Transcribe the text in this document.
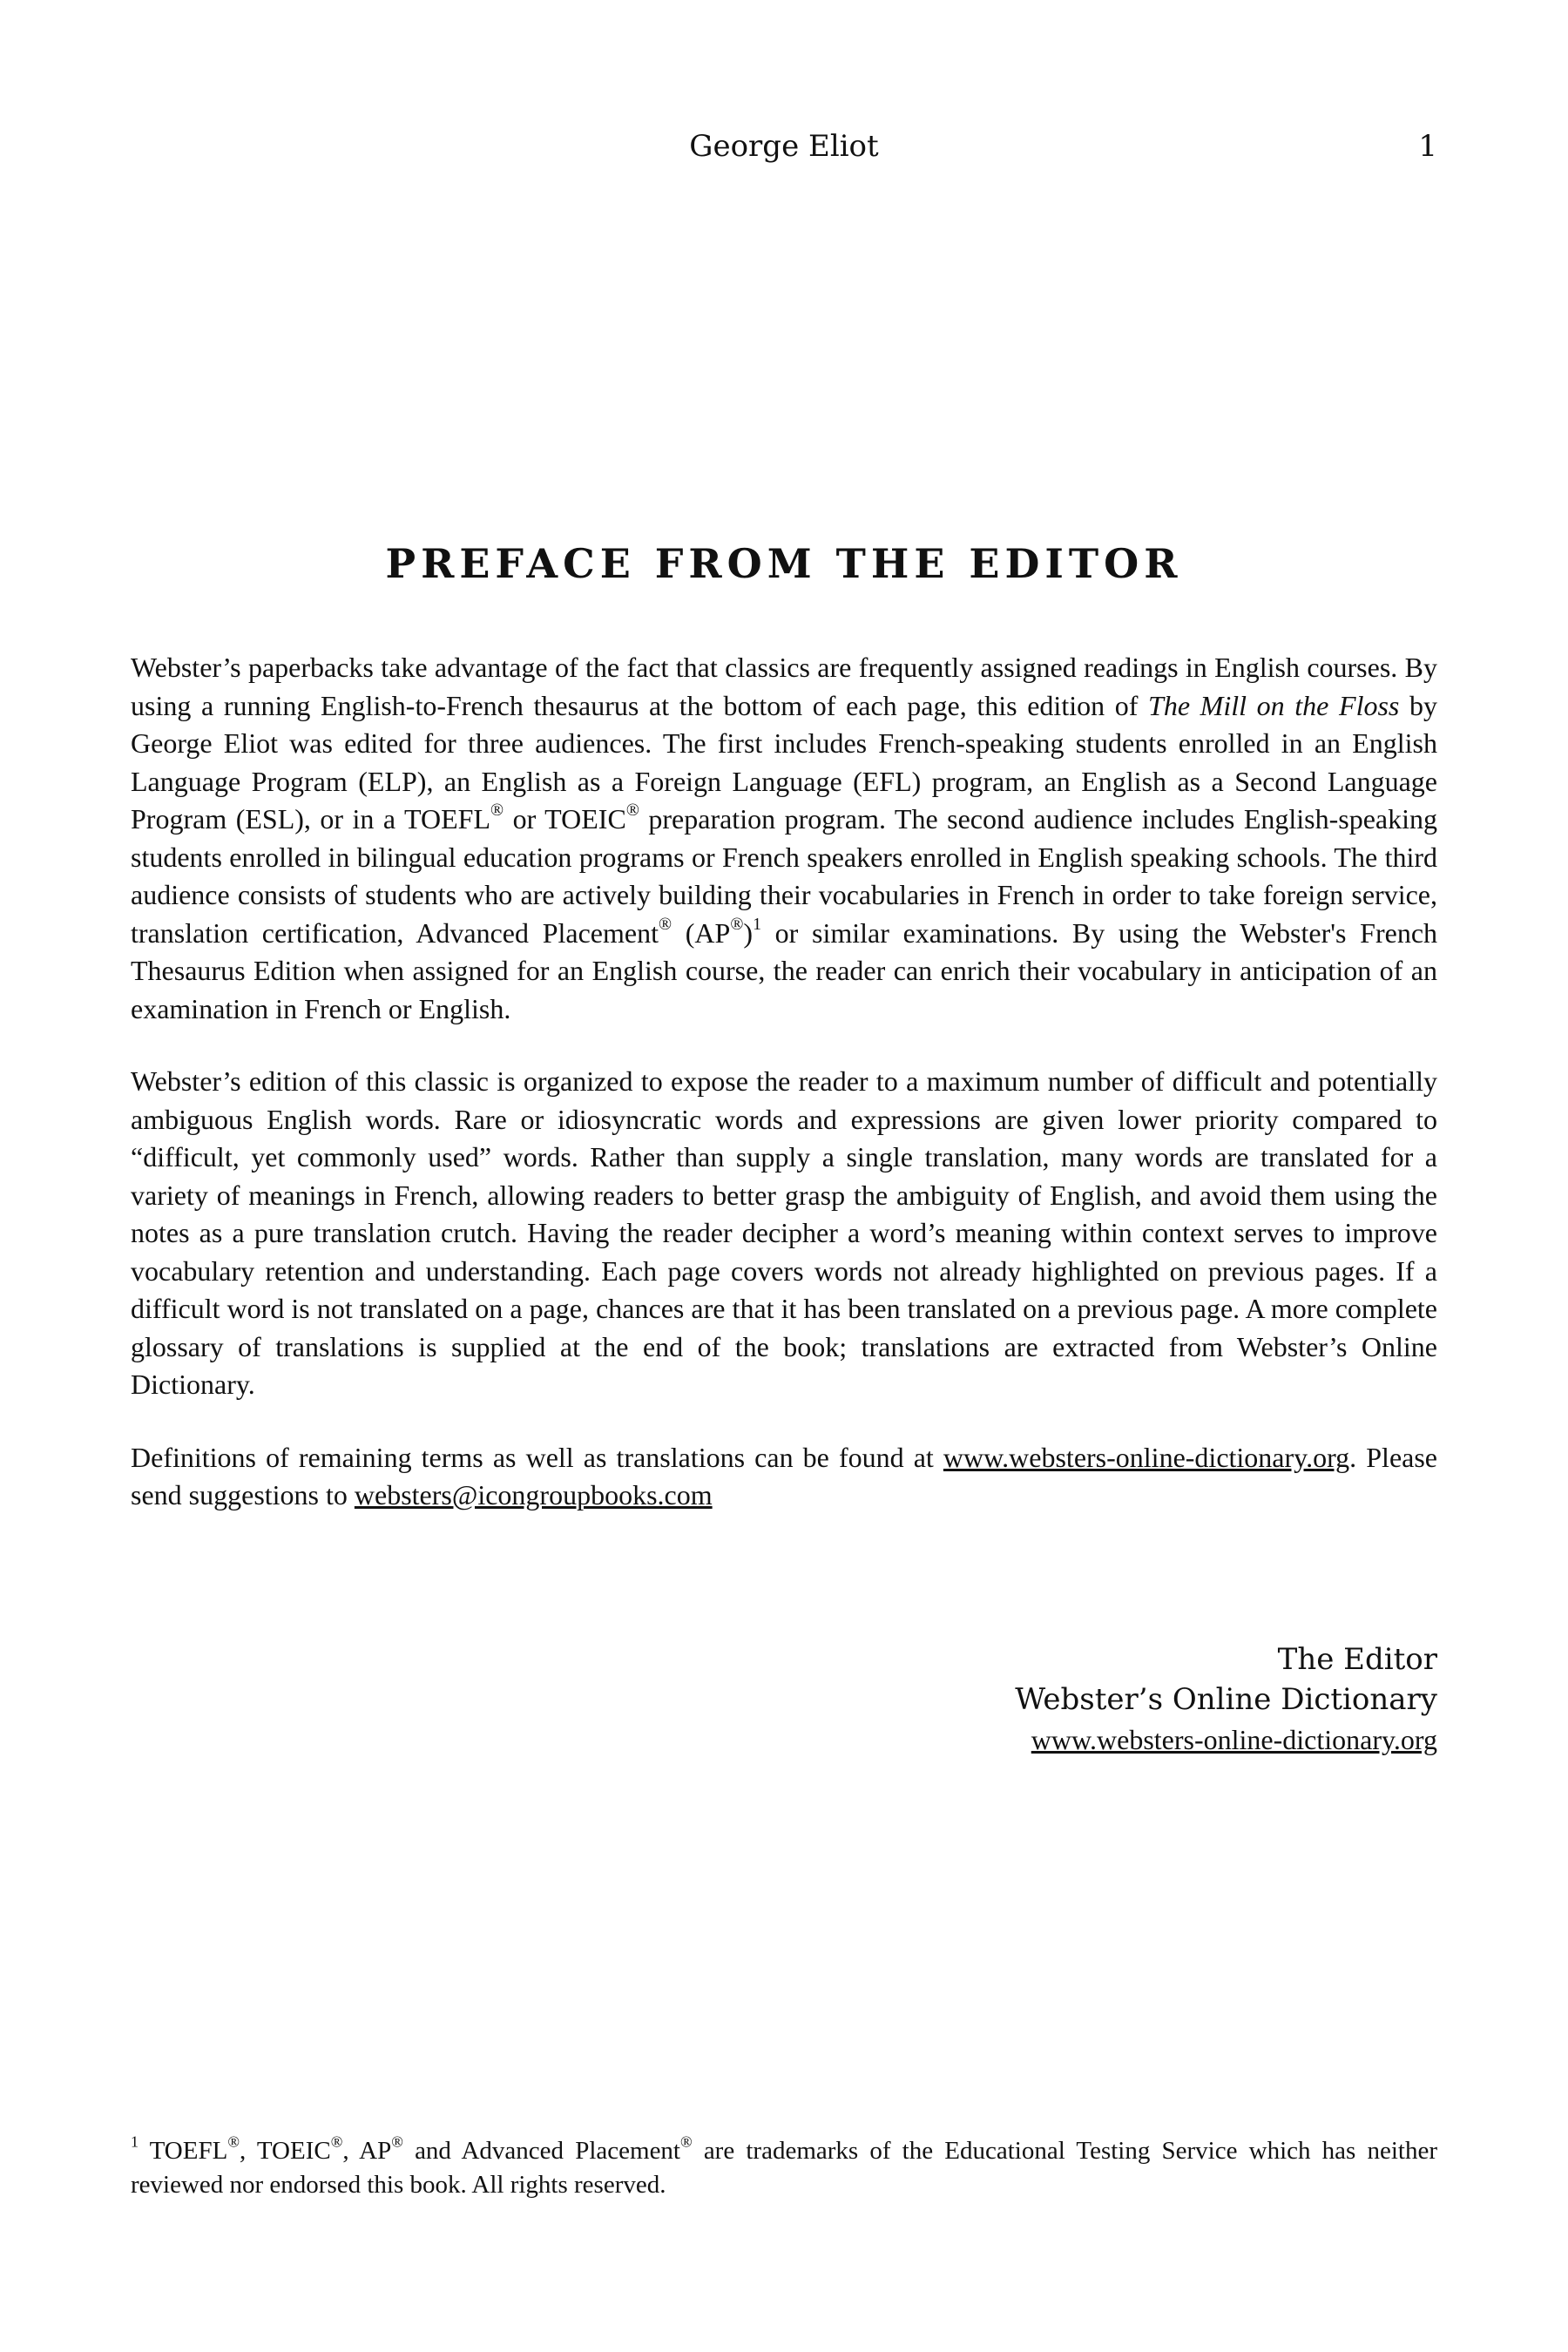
George Eliot	1
PREFACE FROM THE EDITOR

Webster’s paperbacks take advantage of the fact that classics are frequently assigned readings in English courses. By using a running English-to-French thesaurus at the bottom of each page, this edition of The Mill on the Floss by George Eliot was edited for three audiences. The first includes French-speaking students enrolled in an English Language Program (ELP), an English as a Foreign Language (EFL) program, an English as a Second Language Program (ESL), or in a TOEFL® or TOEIC® preparation program. The second audience includes English-speaking students enrolled in bilingual education programs or French speakers enrolled in English speaking schools. The third audience consists of students who are actively building their vocabularies in French in order to take foreign service, translation certification, Advanced Placement® $(AP®)^1$ or similar examinations. By using the Webster's French Thesaurus Edition when assigned for an English course, the reader can enrich their vocabulary in anticipation of an examination in French or English.

Webster’s edition of this classic is organized to expose the reader to a maximum number of difficult and potentially ambiguous English words. Rare or idiosyncratic words and expressions are given lower priority compared to “difficult, yet commonly used” words. Rather than supply a single translation, many words are translated for a variety of meanings in French, allowing readers to better grasp the ambiguity of English, and avoid them using the notes as a pure translation crutch. Having the reader decipher a word’s meaning within context serves to improve vocabulary retention and understanding. Each page covers words not already highlighted on previous pages. If a difficult word is not translated on a page, chances are that it has been translated on a previous page. A more complete glossary of translations is supplied at the end of the book; translations are extracted from Webster’s Online Dictionary.

Definitions of remaining terms as well as translations can be found at www.websters-online-dictionary.org. Please send suggestions to websters@icongroupbooks.com

The Editor
Webster’s Online Dictionary
www.websters-online-dictionary.org
$^1$ TOEFL®, TOEIC®, AP® and Advanced Placement® are trademarks of the Educational Testing Service which has neither reviewed nor endorsed this book. All rights reserved.
